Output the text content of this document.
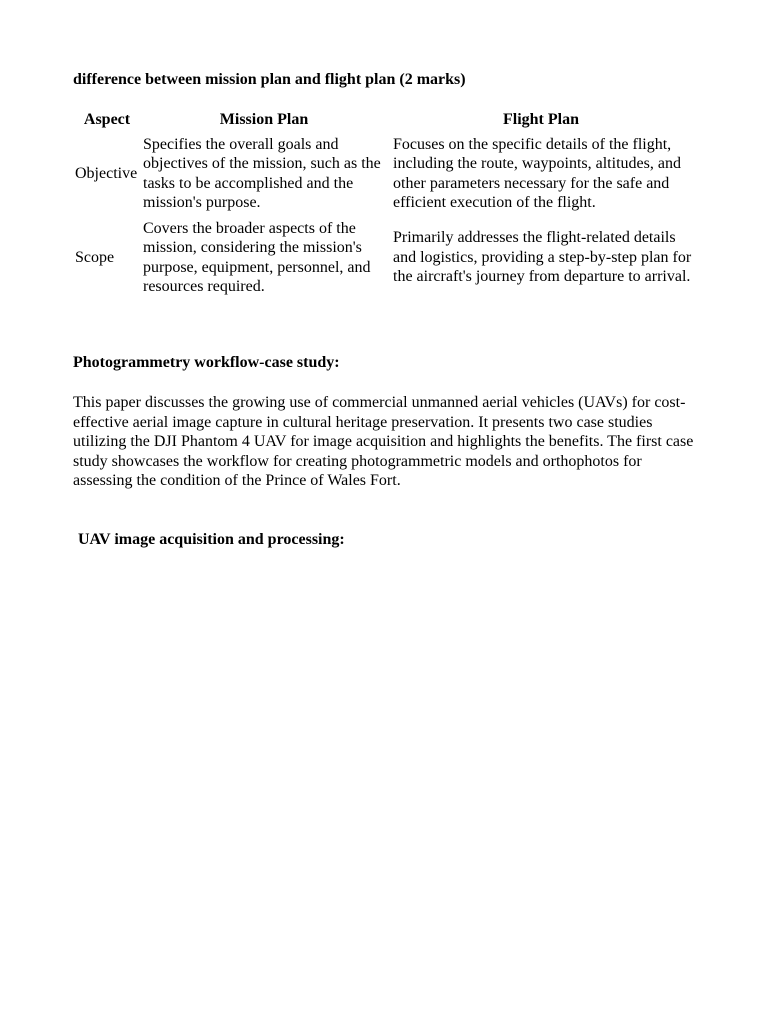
difference between mission plan and flight plan (2 marks)
Aspect	Mission Plan	Flight Plan
Objective	Specifies the overall goals and objectives of the mission, such as the tasks to be accomplished and the mission's purpose.	Focuses on the specific details of the flight, including the route, waypoints, altitudes, and other parameters necessary for the safe and efficient execution of the flight.
Scope	Covers the broader aspects of the mission, considering the mission's purpose, equipment, personnel, and resources required.	Primarily addresses the flight-related details and logistics, providing a step-by-step plan for the aircraft's journey from departure to arrival.
Photogrammetry workflow-case study:

This paper discusses the growing use of commercial unmanned aerial vehicles (UAVs) for cost-effective aerial image capture in cultural heritage preservation. It presents two case studies utilizing the DJI Phantom 4 UAV for image acquisition and highlights the benefits. The first case study showcases the workflow for creating photogrammetric models and orthophotos for assessing the condition of the Prince of Wales Fort.

UAV image acquisition and processing:
